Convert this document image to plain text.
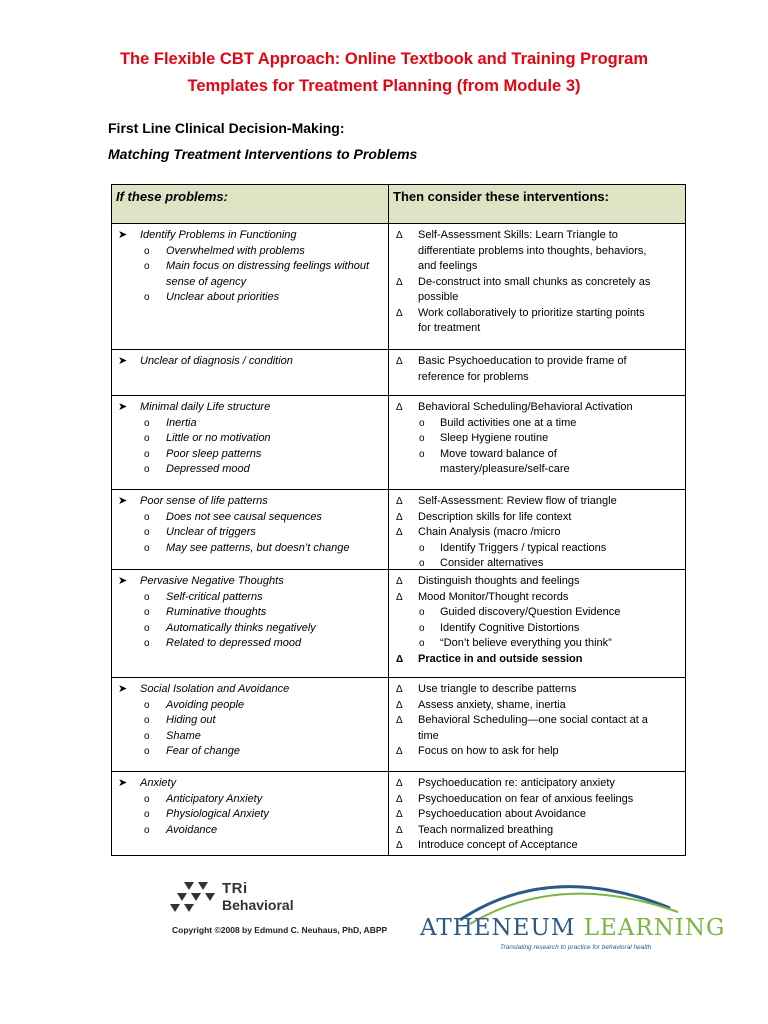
The Flexible CBT Approach: Online Textbook and Training Program
Templates for Treatment Planning (from Module 3)
First Line Clinical Decision-Making:
Matching Treatment Interventions to Problems
If these problems:	Then consider these interventions:
➤ Identify Problems in Functioning
o Overwhelmed with problems
o Main focus on distressing feelings without
sense of agency
o Unclear about priorities
Δ Self-Assessment Skills: Learn Triangle to
differentiate problems into thoughts, behaviors,
and feelings
Δ De-construct into small chunks as concretely as
possible
Δ Work collaboratively to prioritize starting points
for treatment
➤ Unclear of diagnosis / condition	Δ Basic Psychoeducation to provide frame of
reference for problems
➤ Minimal daily Life structure
o Inertia
o Little or no motivation
o Poor sleep patterns
o Depressed mood
Δ Behavioral Scheduling/Behavioral Activation
o Build activities one at a time
o Sleep Hygiene routine
o Move toward balance of
mastery/pleasure/self-care
➤ Poor sense of life patterns
o Does not see causal sequences
o Unclear of triggers
o May see patterns, but doesn’t change
Δ Self-Assessment: Review flow of triangle
Δ Description skills for life context
Δ Chain Analysis (macro /micro
o Identify Triggers / typical reactions
o Consider alternatives
➤ Pervasive Negative Thoughts
o Self-critical patterns
o Ruminative thoughts
o Automatically thinks negatively
o Related to depressed mood
Δ Distinguish thoughts and feelings
Δ Mood Monitor/Thought records
o Guided discovery/Question Evidence
o Identify Cognitive Distortions
o “Don’t believe everything you think”
Δ Practice in and outside session
➤ Social Isolation and Avoidance
o Avoiding people
o Hiding out
o Shame
o Fear of change
Δ Use triangle to describe patterns
Δ Assess anxiety, shame, inertia
Δ Behavioral Scheduling—one social contact at a
time
Δ Focus on how to ask for help
➤ Anxiety
o Anticipatory Anxiety
o Physiological Anxiety
o Avoidance
Δ Psychoeducation re: anticipatory anxiety
Δ Psychoeducation on fear of anxious feelings
Δ Psychoeducation about Avoidance
Δ Teach normalized breathing
Δ Introduce concept of Acceptance
TRi
Behavioral
Copyright ©2008 by Edmund C. Neuhaus, PhD, ABPP ATHENEUM LEARNING
Translating research to practice for behavioral health
